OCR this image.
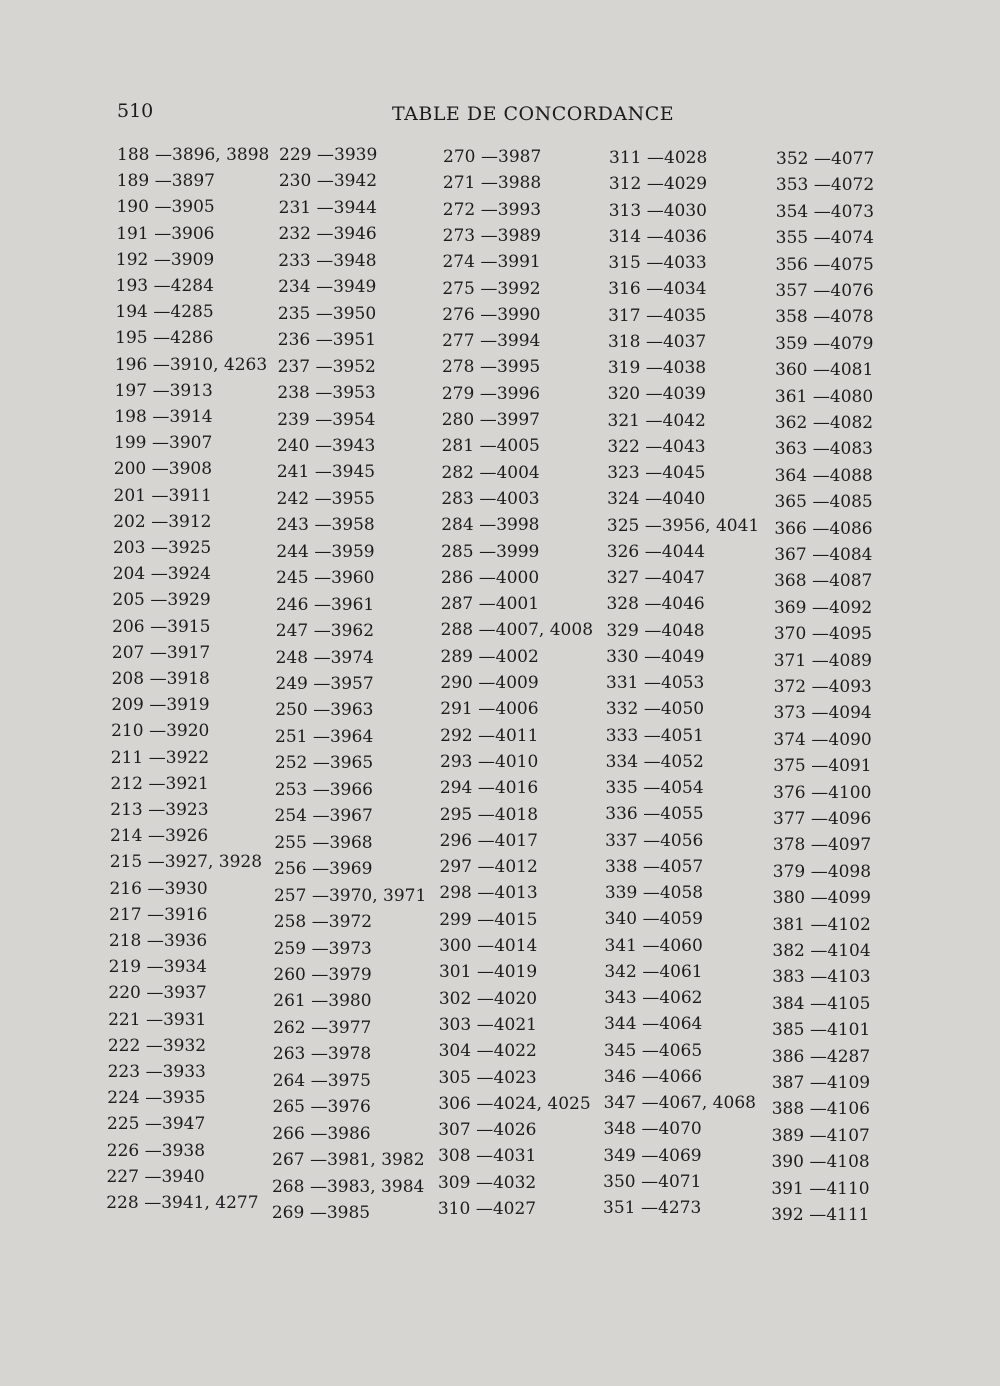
510	TABLE DE CONCORDANCE
188 —3896, 3898
189 —3897
190 —3905
191 —3906
192 —3909
193 —4284
194 —4285
195 —4286
196 —3910, 4263
197 —3913
198 —3914
199 —3907
200 —3908
201 —3911
202 —3912
203 —3925
204 —3924
205 —3929
206 —3915
207 —3917
208 —3918
209 —3919
210 —3920
211 —3922
212 —3921
213 —3923
214 —3926
215 —3927, 3928
216 —3930
217 —3916
218 —3936
219 —3934
220 —3937
221 —3931
222 —3932
223 —3933
224 —3935
225 —3947
226 —3938
227 —3940
228 —3941, 4277
229 —3939
230 —3942
231 —3944
232 —3946
233 —3948
234 —3949
235 —3950
236 —3951
237 —3952
238 —3953
239 —3954
240 —3943
241 —3945
242 —3955
243 —3958
244 —3959
245 —3960
246 —3961
247 —3962
248 —3974
249 —3957
250 —3963
251 —3964
252 —3965
253 —3966
254 —3967
255 —3968
256 —3969
257 —3970, 3971
258 —3972
259 —3973
260 —3979
261 —3980
262 —3977
263 —3978
264 —3975
265 —3976
266 —3986
267 —3981, 3982
268 —3983, 3984
269 —3985
270 —3987
271 —3988
272 —3993
273 —3989
274 —3991
275 —3992
276 —3990
277 —3994
278 —3995
279 —3996
280 —3997
281 —4005
282 —4004
283 —4003
284 —3998
285 —3999
286 —4000
287 —4001
288 —4007, 4008
289 —4002
290 —4009
291 —4006
292 —4011
293 —4010
294 —4016
295 —4018
296 —4017
297 —4012
298 —4013
299 —4015
300 —4014
301 —4019
302 —4020
303 —4021
304 —4022
305 —4023
306 —4024, 4025
307 —4026
308 —4031
309 —4032
310 —4027
311 —4028
312 —4029
313 —4030
314 —4036
315 —4033
316 —4034
317 —4035
318 —4037
319 —4038
320 —4039
321 —4042
322 —4043
323 —4045
324 —4040
325 —3956, 4041
326 —4044
327 —4047
328 —4046
329 —4048
330 —4049
331 —4053
332 —4050
333 —4051
334 —4052
335 —4054
336 —4055
337 —4056
338 —4057
339 —4058
340 —4059
341 —4060
342 —4061
343 —4062
344 —4064
345 —4065
346 —4066
347 —4067, 4068
348 —4070
349 —4069
350 —4071
351 —4273
352 —4077
353 —4072
354 —4073
355 —4074
356 —4075
357 —4076
358 —4078
359 —4079
360 —4081
361 —4080
362 —4082
363 —4083
364 —4088
365 —4085
366 —4086
367 —4084
368 —4087
369 —4092
370 —4095
371 —4089
372 —4093
373 —4094
374 —4090
375 —4091
376 —4100
377 —4096
378 —4097
379 —4098
380 —4099
381 —4102
382 —4104
383 —4103
384 —4105
385 —4101
386 —4287
387 —4109
388 —4106
389 —4107
390 —4108
391 —4110
392 —4111
